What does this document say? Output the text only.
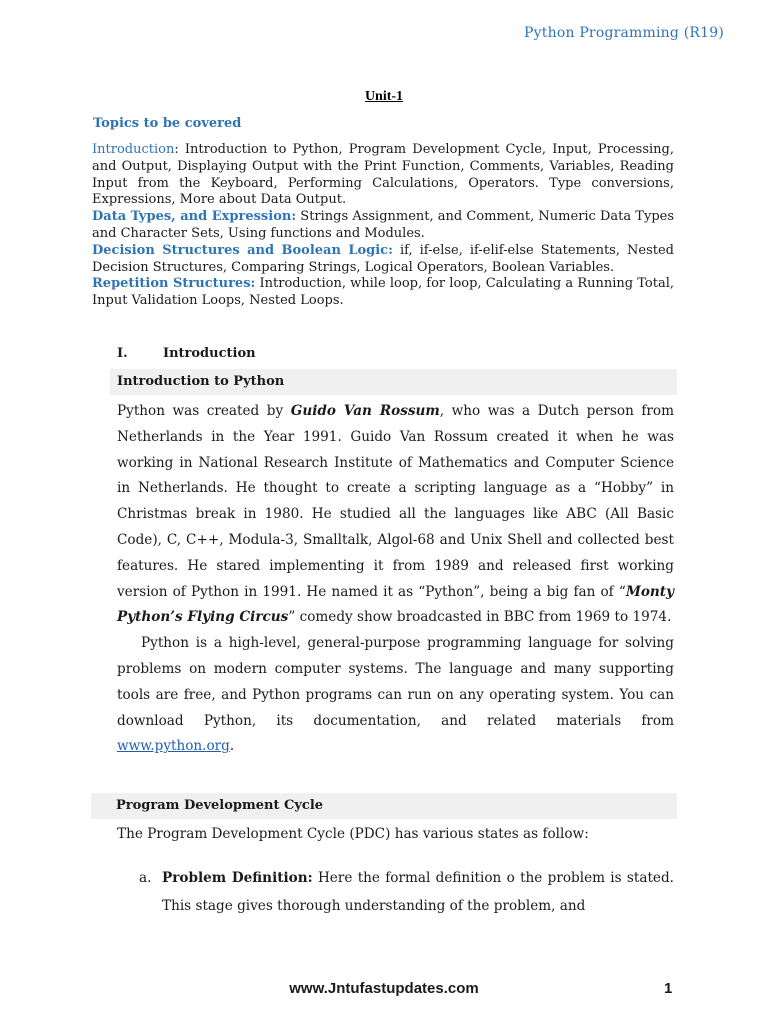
Python Programming (R19)
Unit-1
Topics to be covered

Introduction: Introduction to Python, Program Development Cycle, Input, Processing, and Output, Displaying Output with the Print Function, Comments, Variables, Reading Input from the Keyboard, Performing Calculations, Operators. Type conversions, Expressions, More about Data Output.

Data Types, and Expression: Strings Assignment, and Comment, Numeric Data Types and Character Sets, Using functions and Modules.

Decision Structures and Boolean Logic: if, if-else, if-elif-else Statements, Nested Decision Structures, Comparing Strings, Logical Operators, Boolean Variables.

Repetition Structures: Introduction, while loop, for loop, Calculating a Running Total, Input Validation Loops, Nested Loops.

I.	Introduction
Introduction to Python

Python was created by Guido Van Rossum, who was a Dutch person from Netherlands in the Year 1991. Guido Van Rossum created it when he was working in National Research Institute of Mathematics and Computer Science in Netherlands. He thought to create a scripting language as a “Hobby” in Christmas break in 1980. He studied all the languages like ABC (All Basic Code), C, C++, Modula-3, Smalltalk, Algol-68 and Unix Shell and collected best features. He stared implementing it from 1989 and released first working version of Python in 1991. He named it as “Python”, being a big fan of “Monty Python’s Flying Circus” comedy show broadcasted in BBC from 1969 to 1974.

Python is a high-level, general-purpose programming language for solving problems on modern computer systems. The language and many supporting tools are free, and Python programs can run on any operating system. You can download Python, its documentation, and related materials from www.python.org.

Program Development Cycle

The Program Development Cycle (PDC) has various states as follow:

a. Problem Definition: Here the formal definition o the problem is stated. This stage gives thorough understanding of the problem, and
www.Jntufastupdates.com	1
